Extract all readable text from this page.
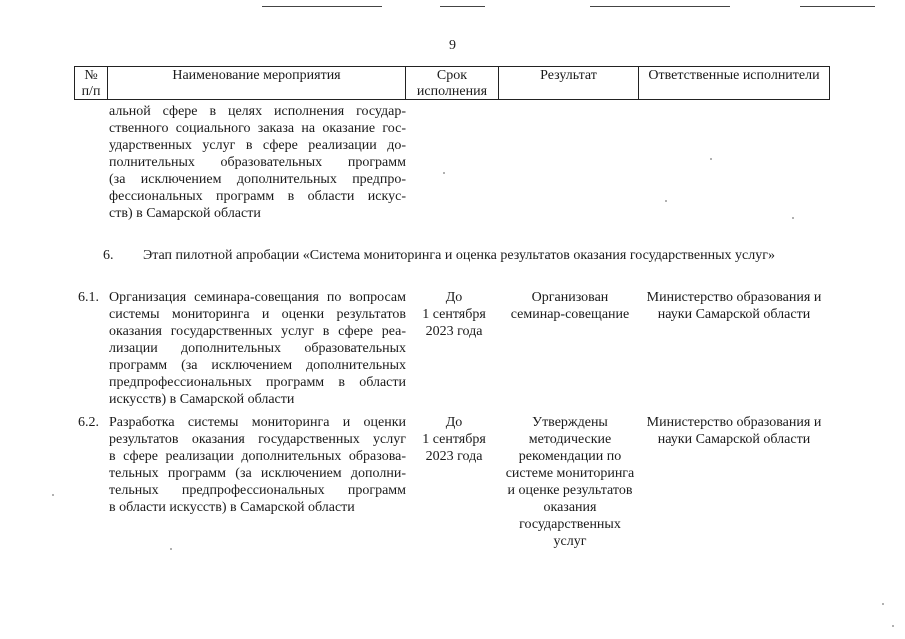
9
№
п/п
Наименование мероприятия	Срок
исполнения
Результат	Ответственные исполнители
альной сфере в целях исполнения государ-
ственного социального заказа на оказание гос-
ударственных услуг в сфере реализации до-
полнительных образовательных программ
(за исключением дополнительных предпро-
фессиональных программ в области искус-
ств) в Самарской области
6. Этап пилотной апробации «Система мониторинга и оценка результатов оказания государственных услуг»
6.1. Организация семинара-совещания по вопросам
системы мониторинга и оценки результатов
оказания государственных услуг в сфере реа-
лизации дополнительных образовательных
программ (за исключением дополнительных
предпрофессиональных программ в области
искусств) в Самарской области
До
1 сентября
2023 года
Организован
семинар-совещание
Министерство образования и
науки Самарской области
6.2. Разработка системы мониторинга и оценки
результатов оказания государственных услуг
в сфере реализации дополнительных образова-
тельных программ (за исключением дополни-
тельных предпрофессиональных программ
в области искусств) в Самарской области
До
1 сентября
2023 года
Утверждены
методические
рекомендации по
системе мониторинга
и оценке результатов
оказания
государственных
услуг
Министерство образования и
науки Самарской области
